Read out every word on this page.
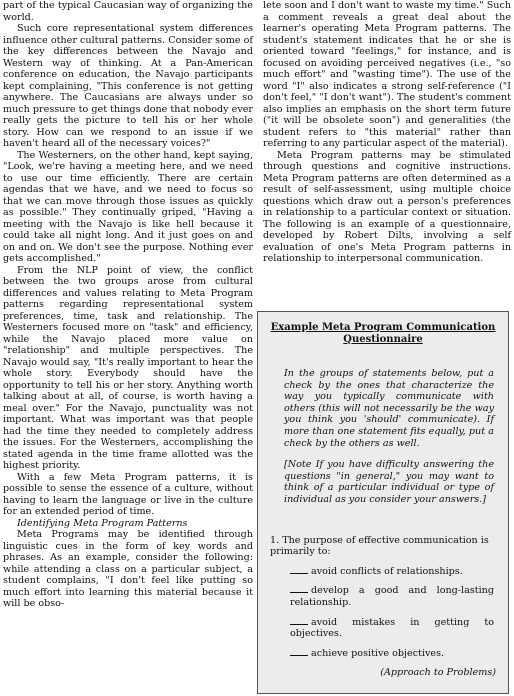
part of the typical Caucasian way of organizing the world.

Such core representational system differences influence other cultural patterns. Consider some of the key differences between the Navajo and Western way of thinking. At a Pan-American conference on education, the Navajo participants kept complaining, "This conference is not getting anywhere. The Caucasians are always under so much pressure to get things done that nobody ever really gets the picture to tell his or her whole story. How can we respond to an issue if we haven't heard all of the necessary voices?"

The Westerners, on the other hand, kept saying, "Look, we're having a meeting here, and we need to use our time efficiently. There are certain agendas that we have, and we need to focus so that we can move through those issues as quickly as possible." They continually griped, "Having a meeting with the Navajo is like hell because it could take all night long. And it just goes on and on and on. We don't see the purpose. Nothing ever gets accomplished."

From the NLP point of view, the conflict between the two groups arose from cultural differences and values relating to Meta Program patterns regarding representational system preferences, time, task and relationship. The Westerners focused more on "task" and efficiency, while the Navajo placed more value on "relationship" and multiple perspectives. The Navajo would say, "It's really important to hear the whole story. Everybody should have the opportunity to tell his or her story. Anything worth talking about at all, of course, is worth having a meal over." For the Navajo, punctuality was not important. What was important was that people had the time they needed to completely address the issues. For the Westerners, accomplishing the stated agenda in the time frame allotted was the highest priority.

With a few Meta Program patterns, it is possible to sense the essence of a culture, without having to learn the language or live in the culture for an extended period of time.

Identifying Meta Program Patterns

Meta Programs may be identified through linguistic cues in the form of key words and phrases. As an example, consider the following: while attending a class on a particular subject, a student complains, "I don't feel like putting so much effort into learning this material because it will be obso-

lete soon and I don't want to waste my time." Such a comment reveals a great deal about the learner's operating Meta Program patterns. The student's statement indicates that he or she is oriented toward "feelings," for instance, and is focused on avoiding perceived negatives (i.e., "so much effort" and "wasting time"). The use of the word "I" also indicates a strong self-reference ("I don't feel," "I don't want"). The student's comment also implies an emphasis on the short term future ("it will be obsolete soon") and generalities (the student refers to "this material" rather than referring to any particular aspect of the material).

Meta Program patterns may be stimulated through questions and cognitive instructions. Meta Program patterns are often determined as a result of self-assessment, using multiple choice questions which draw out a person's preferences in relationship to a particular context or situation. The following is an example of a questionnaire, developed by Robert Dilts, involving a self evaluation of one's Meta Program patterns in relationship to interpersonal communication.

Example Meta Program Communication Questionnaire
In the groups of statements below, put a check by the ones that characterize the way you typically communicate with others (this will not necessarily be the way you think you 'should' communicate). If more than one statement fits equally, put a check by the others as well.
[Note If you have difficulty answering the questions "in general," you may want to think of a particular individual or type of individual as you consider your answers.]
1. The purpose of effective communication is primarily to:
avoid conflicts of relationships.
develop a good and long-lasting relationship.
avoid mistakes in getting to objectives.
achieve positive objectives.
(Approach to Problems)
